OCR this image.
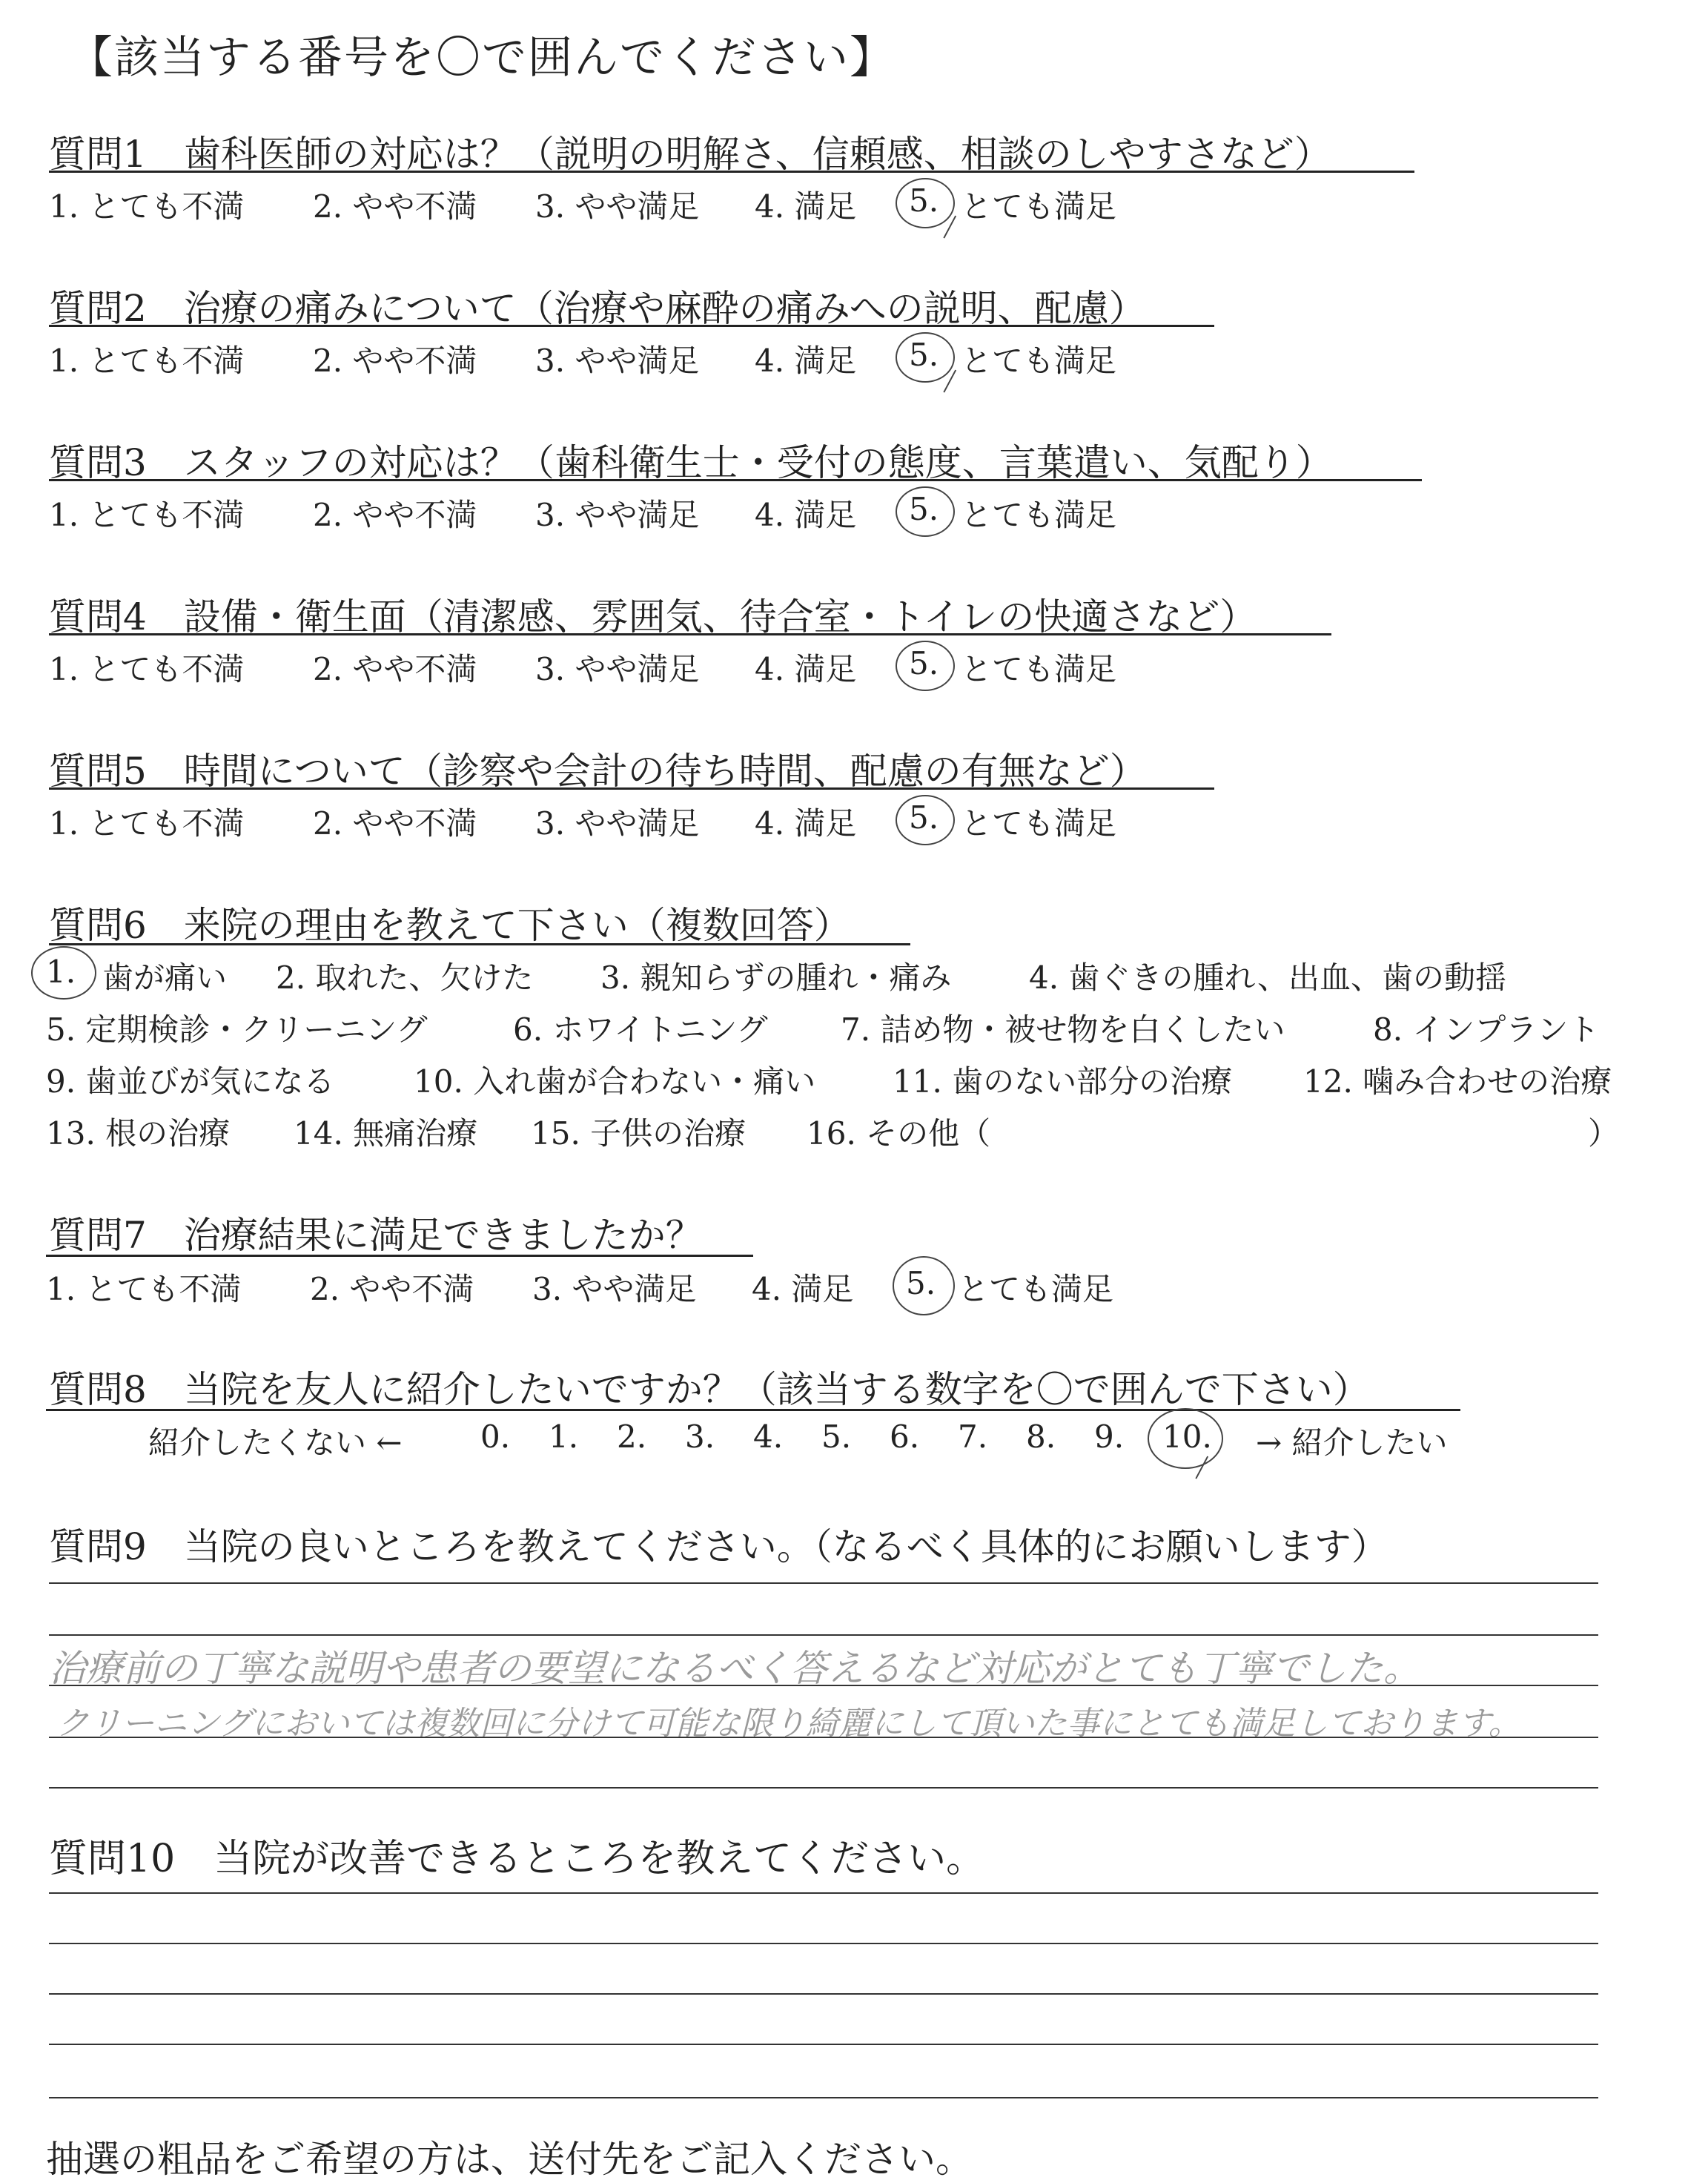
【該当する番号を〇で囲んでください】
質問1　歯科医師の対応は？（説明の明解さ、信頼感、相談のしやすさなど）
1. とても不満 2. やや不満 3. やや満足 4. 満足 5. とても満足
質問2　治療の痛みについて（治療や麻酔の痛みへの説明、配慮）
1. とても不満 2. やや不満 3. やや満足 4. 満足 5. とても満足
質問3　スタッフの対応は？（歯科衛生士・受付の態度、言葉遣い、気配り）
1. とても不満 2. やや不満 3. やや満足 4. 満足 5. とても満足
質問4　設備・衛生面（清潔感、雰囲気、待合室・トイレの快適さなど）
1. とても不満 2. やや不満 3. やや満足 4. 満足 5. とても満足
質問5　時間について（診察や会計の待ち時間、配慮の有無など）
1. とても不満 2. やや不満 3. やや満足 4. 満足 5. とても満足
質問6　来院の理由を教えて下さい（複数回答）
1. 歯が痛い 2. 取れた、欠けた 3. 親知らずの腫れ・痛み 4. 歯ぐきの腫れ、出血、歯の動揺
5. 定期検診・クリーニング	6. ホワイトニング 7. 詰め物・被せ物を白くしたい	8. インプラント
9. 歯並びが気になる	10. 入れ歯が合わない・痛い 11. 歯のない部分の治療 12. 噛み合わせの治療
13. 根の治療 14. 無痛治療 15. 子供の治療 16. その他（	）
質問7　治療結果に満足できましたか？
1. とても不満 2. やや不満 3. やや満足 4. 満足 5. とても満足
質問8　当院を友人に紹介したいですか？（該当する数字を〇で囲んで下さい）
紹介したくない ←	0. 1. 2. 3. 4. 5. 6. 7. 8. 9. 10. → 紹介したい
質問9　当院の良いところを教えてください。（なるべく具体的にお願いします）
治療前の丁寧な説明や患者の要望になるべく答えるなど対応がとても丁寧でした。
クリーニングにおいては複数回に分けて可能な限り綺麗にして頂いた事にとても満足しております。
質問10　当院が改善できるところを教えてください。
抽選の粗品をご希望の方は、送付先をご記入ください。
